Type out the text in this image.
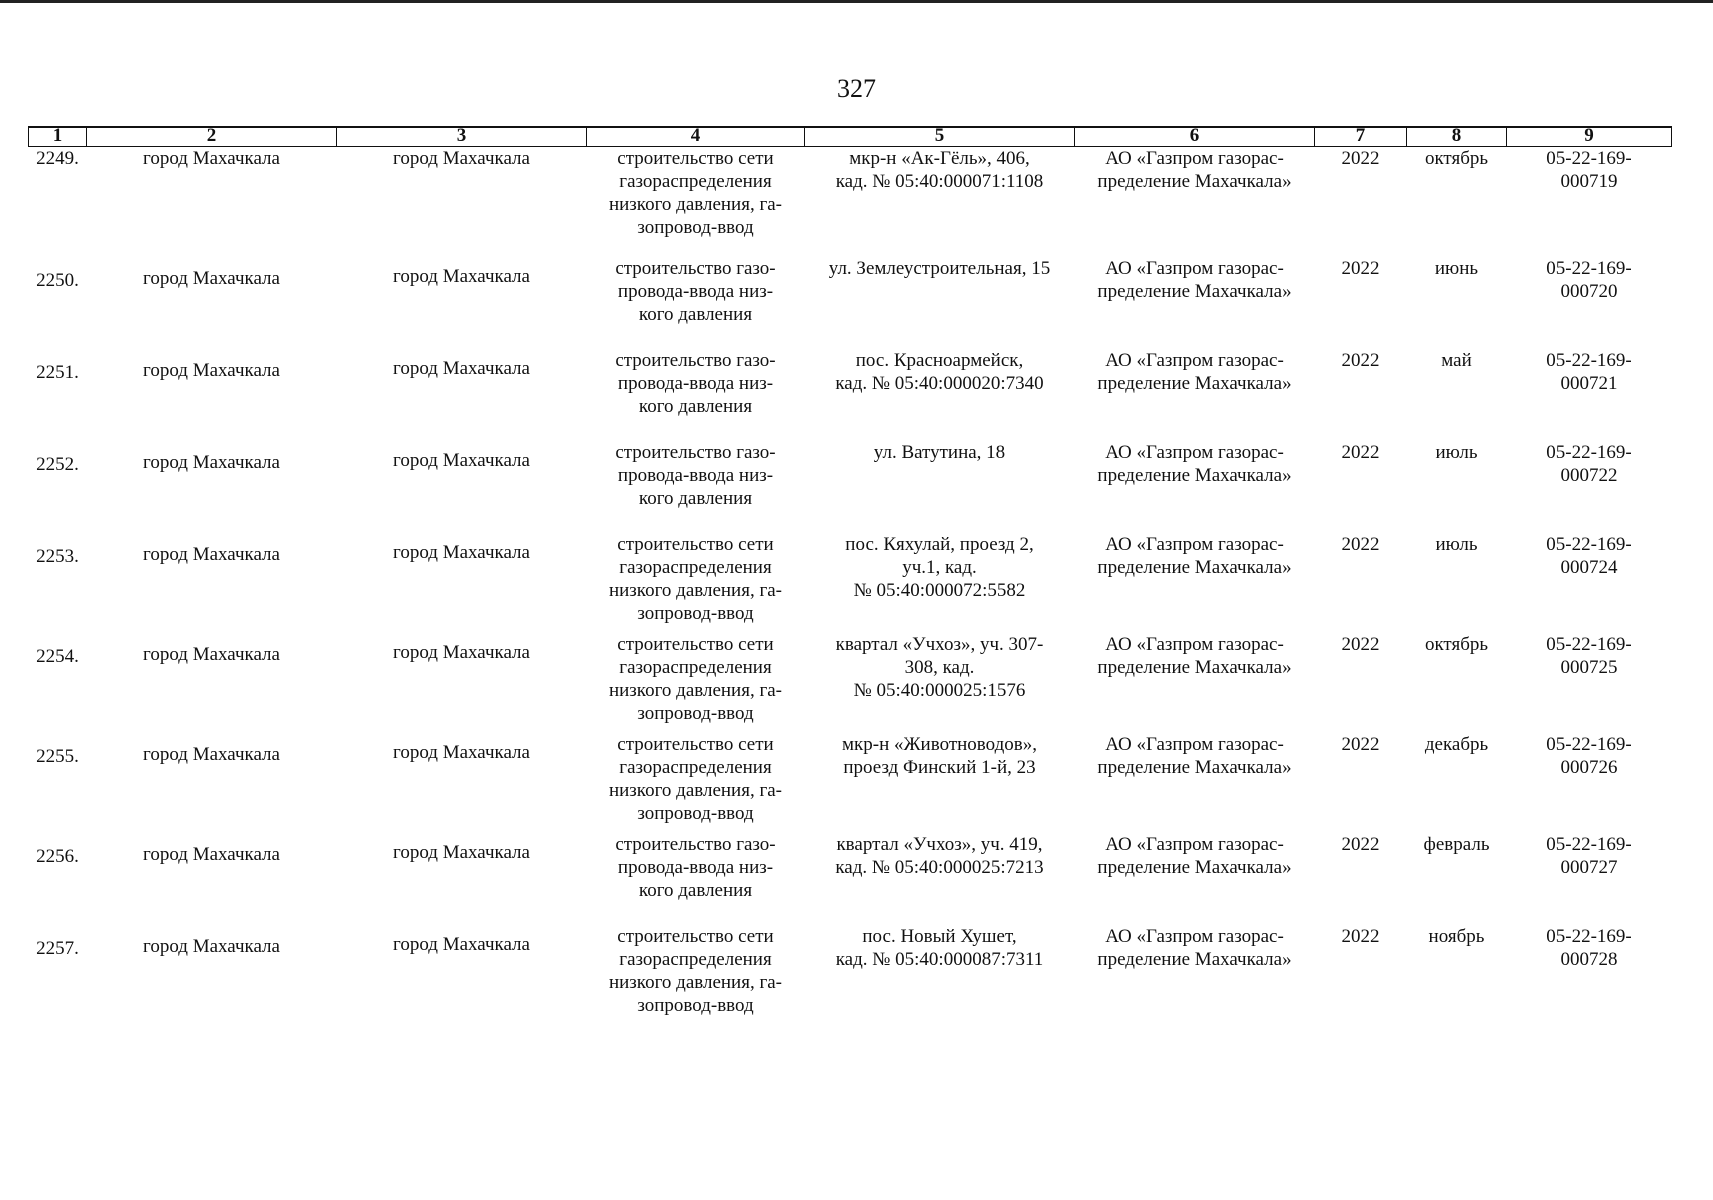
327
1	2	3	4	5	6	7	8	9
2249.	город Махачкала	город Махачкала	строительство сети
газораспределения
низкого давления, га-
зопровод-ввод	мкр-н «Ак-Гёль», 406,
кад. № 05:40:000071:1108	АО «Газпром газорас-
пределение Махачкала»	2022	октябрь	05-22-169-
000719
2250.	город Махачкала	город Махачкала	строительство газо-
провода-ввода низ-
кого давления	ул. Землеустроительная, 15	АО «Газпром газорас-
пределение Махачкала»	2022	июнь	05-22-169-
000720
2251.	город Махачкала	город Махачкала	строительство газо-
провода-ввода низ-
кого давления	пос. Красноармейск,
кад. № 05:40:000020:7340	АО «Газпром газорас-
пределение Махачкала»	2022	май	05-22-169-
000721
2252.	город Махачкала	город Махачкала	строительство газо-
провода-ввода низ-
кого давления	ул. Ватутина, 18	АО «Газпром газорас-
пределение Махачкала»	2022	июль	05-22-169-
000722
2253.	город Махачкала	город Махачкала	строительство сети
газораспределения
низкого давления, га-
зопровод-ввод	пос. Кяхулай, проезд 2,
уч.1, кад.
№ 05:40:000072:5582	АО «Газпром газорас-
пределение Махачкала»	2022	июль	05-22-169-
000724
2254.	город Махачкала	город Махачкала	строительство сети
газораспределения
низкого давления, га-
зопровод-ввод	квартал «Учхоз», уч. 307-
308, кад.
№ 05:40:000025:1576	АО «Газпром газорас-
пределение Махачкала»	2022	октябрь	05-22-169-
000725
2255.	город Махачкала	город Махачкала	строительство сети
газораспределения
низкого давления, га-
зопровод-ввод	мкр-н «Животноводов»,
проезд Финский 1-й, 23	АО «Газпром газорас-
пределение Махачкала»	2022	декабрь	05-22-169-
000726
2256.	город Махачкала	город Махачкала	строительство газо-
провода-ввода низ-
кого давления	квартал «Учхоз», уч. 419,
кад. № 05:40:000025:7213	АО «Газпром газорас-
пределение Махачкала»	2022	февраль	05-22-169-
000727
2257.	город Махачкала	город Махачкала	строительство сети
газораспределения
низкого давления, га-
зопровод-ввод	пос. Новый Хушет,
кад. № 05:40:000087:7311	АО «Газпром газорас-
пределение Махачкала»	2022	ноябрь	05-22-169-
000728
